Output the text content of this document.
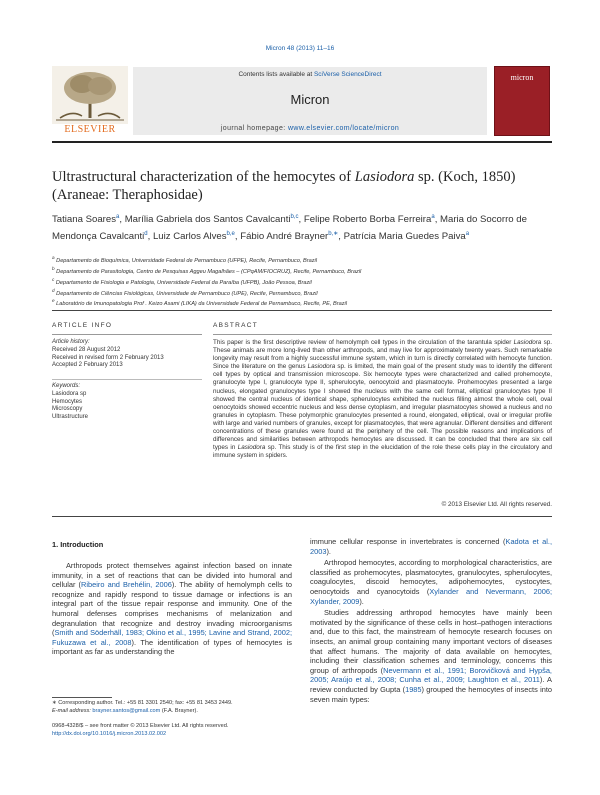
Micron 48 (2013) 11–16
ELSEVIER
Contents lists available at SciVerse ScienceDirect
Micron
journal homepage: www.elsevier.com/locate/micron
micron
Ultrastructural characterization of the hemocytes of Lasiodora sp. (Koch, 1850)
(Araneae: Theraphosidae)
Tatiana Soares$^a$, Marília Gabriela dos Santos Cavalcanti$^{b,c}$, Felipe Roberto Borba Ferreira$^a$, Maria do Socorro de Mendonça Cavalcanti$^d$, Luiz Carlos Alves$^{b,e}$, Fábio André Brayner$^{b,∗}$, Patrícia Maria Guedes Paiva$^a$
$^a$ Departamento de Bioquímica, Universidade Federal de Pernambuco (UFPE), Recife, Pernambuco, Brazil
$^b$ Departamento de Parasitologia, Centro de Pesquisas Aggeu Magalhães – (CPqAM/FIOCRUZ), Recife, Pernambuco, Brazil
$^c$ Departamento de Fisiologia e Patologia, Universidade Federal da Paraíba (UFPB), João Pessoa, Brazil
$^d$ Departamento de Ciências Fisiológicas, Universidade de Pernambuco (UPE), Recife, Pernambuco, Brazil
$^e$ Laboratório de Imunopatologia Prof . Keizo Asami (LIKA) da Universidade Federal de Pernambuco, Recife, PE, Brazil
ARTICLE INFO
Article history:
Received 28 August 2012
Received in revised form 2 February 2013
Accepted 2 February 2013
Keywords:
Lasiodora sp
Hemocytes
Microscopy
Ultrastructure
ABSTRACT
This paper is the first descriptive review of hemolymph cell types in the circulation of the tarantula spider Lasiodora sp. These animals are more long-lived than other arthropods, and may live for approximately twenty years. Such remarkable longevity may result from a highly successful immune system, which in turn is directly correlated with hemocyte function. Since the literature on the genus Lasiodora sp. is limited, the main goal of the present study was to identify the different cell types by optical and transmission microscope. Six hemocyte types were characterized and called prohemocyte, granulocyte type I, granulocyte type II, spherulocyte, oenocytoid and plasmatocyte. Prohemocytes presented a large nucleus, elongated granulocytes type I showed the nucleus with the same cell format, elliptical granulocytes type II showed the central nucleus of identical shape, spherulocytes exhibited the nucleus filling almost the whole cell, oval oenocytoids showed eccentric nucleus and less dense cytoplasm, and irregular plasmatocytes showed a nucleus and no granules in cytoplasm. These polymorphic granulocytes presented a round, elongated, elliptical, oval or irregular profile with large and varied numbers of granules, except for plasmatocytes, that were agranular. Different densities and different concentrations of these granules were found at the periphery of the cell. The possible reasons and implications of differences and similarities between arthropods hemocytes are discussed. It can be concluded that there are six cell types in Lasiodora sp. This study is of the first step in the elucidation of the role these cells play in the circulatory and immune system in spiders.
© 2013 Elsevier Ltd. All rights reserved.
1. Introduction

Arthropods protect themselves against infection based on innate immunity, in a set of reactions that can be divided into humoral and cellular (Ribeiro and Brehélin, 2006). The ability of hemolymph cells to recognize and rapidly respond to tissue damage or infections is an integral part of the tissue repair response and immunity. One of the humoral defenses comprises mechanisms of melanization and degranulation that recognize and destroy invading microorganisms (Smith and Söderhäll, 1983; Okino et al., 1995; Lavine and Strand, 2002; Fukuzawa et al., 2008). The identification of types of hemocytes is important as far as understanding the

immune cellular response in invertebrates is concerned (Kadota et al., 2003).

Arthropod hemocytes, according to morphological characteristics, are classified as prohemocytes, plasmatocytes, granulocytes, spherulocytes, coagulocytes, discoid hemocytes, adipohemocytes, cystocytes, oenocytoids and cyanocytoids (Xylander and Nevermann, 2006; Xylander, 2009).

Studies addressing arthropod hemocytes have mainly been motivated by the significance of these cells in host–pathogen interactions and, due to this fact, the mainstream of hemocyte research focuses on insects, an animal group containing many important vectors of diseases that affect humans. The majority of data available on hemocytes, including their classification schemes and terminology, concerns this group of arthropods (Nevermann et al., 1991; Borovičková and Hypša, 2005; Araújo et al., 2008; Cunha et al., 2009; Laughton et al., 2011). A review conducted by Gupta (1985) grouped the hemocytes of insects into seven main types:

∗ Corresponding author. Tel.: +55 81 3301 2540; fax: +55 81 3453 2449.
E-mail address: brayner.santos@gmail.com (F.A. Brayner).
0968-4328/$ – see front matter © 2013 Elsevier Ltd. All rights reserved.
http://dx.doi.org/10.1016/j.micron.2013.02.002
